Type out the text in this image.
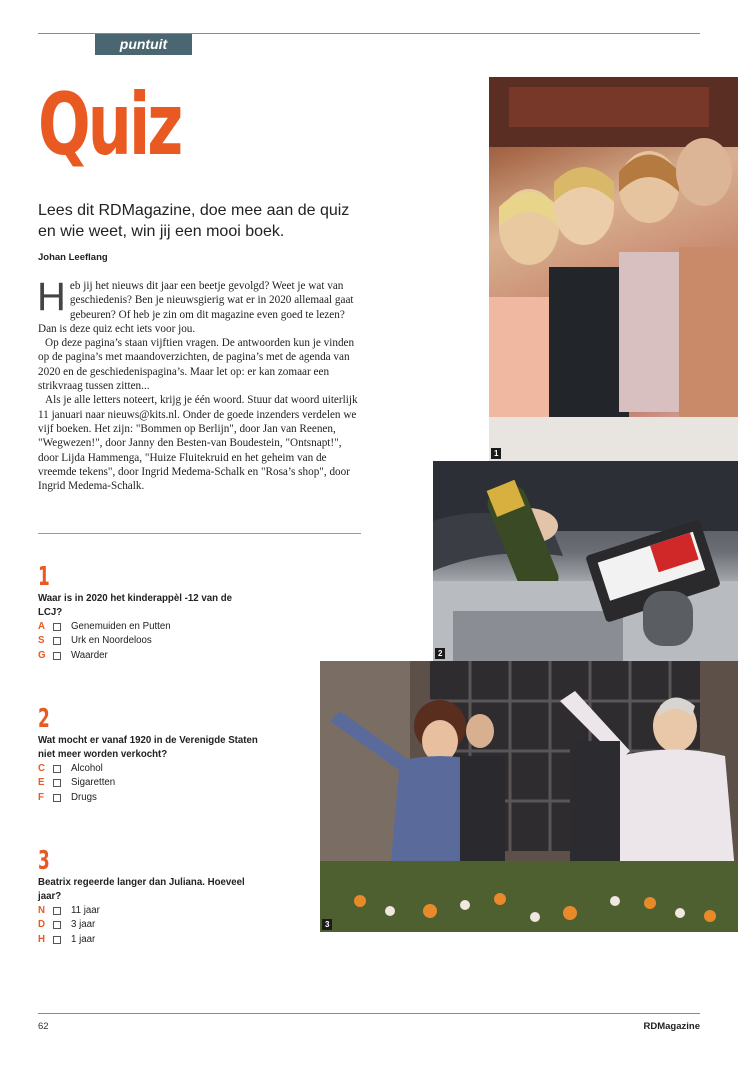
puntuit
Quiz
Lees dit RDMagazine, doe mee aan de quiz en wie weet, win jij een mooi boek.
Johan Leeflang
H eb jij het nieuws dit jaar een beetje gevolgd? Weet je wat van geschiedenis? Ben je nieuwsgierig wat er in 2020 allemaal gaat gebeuren? Of heb je zin om dit magazine even goed te lezen? Dan is deze quiz echt iets voor jou.

Op deze pagina’s staan vijftien vragen. De antwoorden kun je vinden op de pagina’s met maandoverzichten, de pagina’s met de agenda van 2020 en de geschiedenispagina’s. Maar let op: er kan zomaar een strikvraag tussen zitten...

Als je alle letters noteert, krijg je één woord. Stuur dat woord uiterlijk 11 januari naar nieuws@kits.nl. Onder de goede inzenders verdelen we vijf boeken. Het zijn: "Bommen op Berlijn", door Jan van Reenen, "Wegwezen!", door Janny den Besten-van Boudestein, "Ontsnapt!", door Lijda Hammenga, "Huize Fluitekruid en het geheim van de vreemde tekens", door Ingrid Medema-Schalk en "Rosa’s shop", door Ingrid Medema-Schalk.

1
Waar is in 2020 het kinderappèl -12 van de LCJ?
A	Genemuiden en Putten
S	Urk en Noordeloos
G	Waarder
2
Wat mocht er vanaf 1920 in de Verenigde Staten niet meer worden verkocht?
C	Alcohol
E	Sigaretten
F	Drugs
3
Beatrix regeerde langer dan Juliana. Hoeveel jaar?
N	11 jaar
D	3 jaar
H	1 jaar
1
2
3
62	RDMagazine
